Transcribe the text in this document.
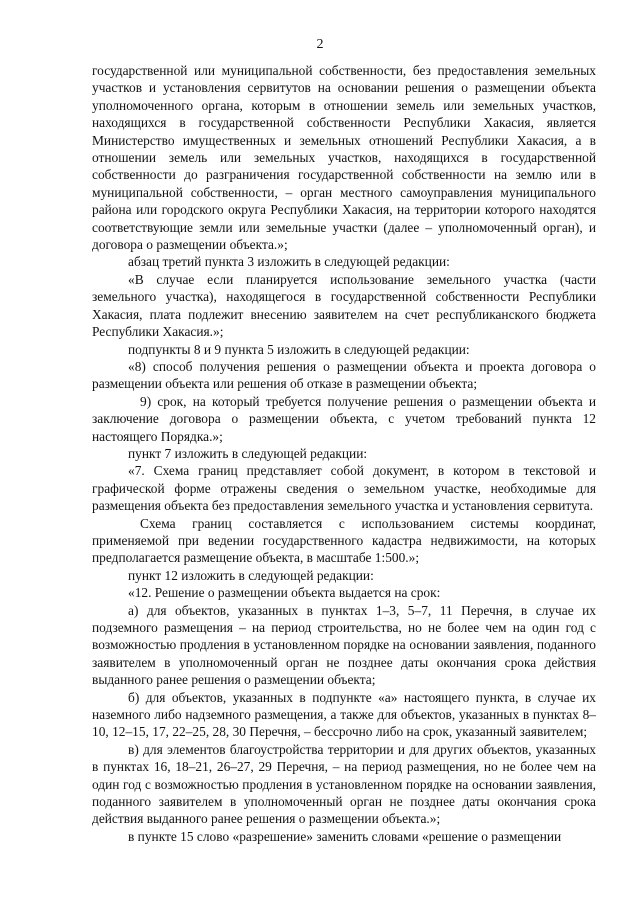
2

государственной или муниципальной собственности, без предоставления земельных участков и установления сервитутов на основании решения о размещении объекта уполномоченного органа, которым в отношении земель или земельных участков, находящихся в государственной собственности Республики Хакасия, является Министерство имущественных и земельных отношений Республики Хакасия, а в отношении земель или земельных участков, находящихся в государственной собственности до разграничения государственной собственности на землю или в муниципальной собственности, – орган местного самоуправления муниципального района или городского округа Республики Хакасия, на территории которого находятся соответствующие земли или земельные участки (далее – уполномоченный орган), и договора о размещении объекта.»;

абзац третий пункта 3 изложить в следующей редакции:

«В случае если планируется использование земельного участка (части земельного участка), находящегося в государственной собственности Республики Хакасия, плата подлежит внесению заявителем на счет республиканского бюджета Республики Хакасия.»;

подпункты 8 и 9 пункта 5 изложить в следующей редакции:

«8) способ получения решения о размещении объекта и проекта договора о размещении объекта или решения об отказе в размещении объекта;

9) срок, на который требуется получение решения о размещении объекта и заключение договора о размещении объекта, с учетом требований пункта 12 настоящего Порядка.»;

пункт 7 изложить в следующей редакции:

«7. Схема границ представляет собой документ, в котором в текстовой и графической форме отражены сведения о земельном участке, необходимые для размещения объекта без предоставления земельного участка и установления сервитута.

Схема границ составляется с использованием системы координат, применяемой при ведении государственного кадастра недвижимости, на которых предполагается размещение объекта, в масштабе 1:500.»;

пункт 12 изложить в следующей редакции:

«12. Решение о размещении объекта выдается на срок:

а) для объектов, указанных в пунктах 1–3, 5–7, 11 Перечня, в случае их подземного размещения – на период строительства, но не более чем на один год с возможностью продления в установленном порядке на основании заявления, поданного заявителем в уполномоченный орган не позднее даты окончания срока действия выданного ранее решения о размещении объекта;

б) для объектов, указанных в подпункте «а» настоящего пункта, в случае их наземного либо надземного размещения, а также для объектов, указанных в пунктах 8–10, 12–15, 17, 22–25, 28, 30 Перечня, – бессрочно либо на срок, указанный заявителем;

в) для элементов благоустройства территории и для других объектов, указанных в пунктах 16, 18–21, 26–27, 29 Перечня, – на период размещения, но не более чем на один год с возможностью продления в установленном порядке на основании заявления, поданного заявителем в уполномоченный орган не позднее даты окончания срока действия выданного ранее решения о размещении объекта.»;

в пункте 15 слово «разрешение» заменить словами «решение о размещении
